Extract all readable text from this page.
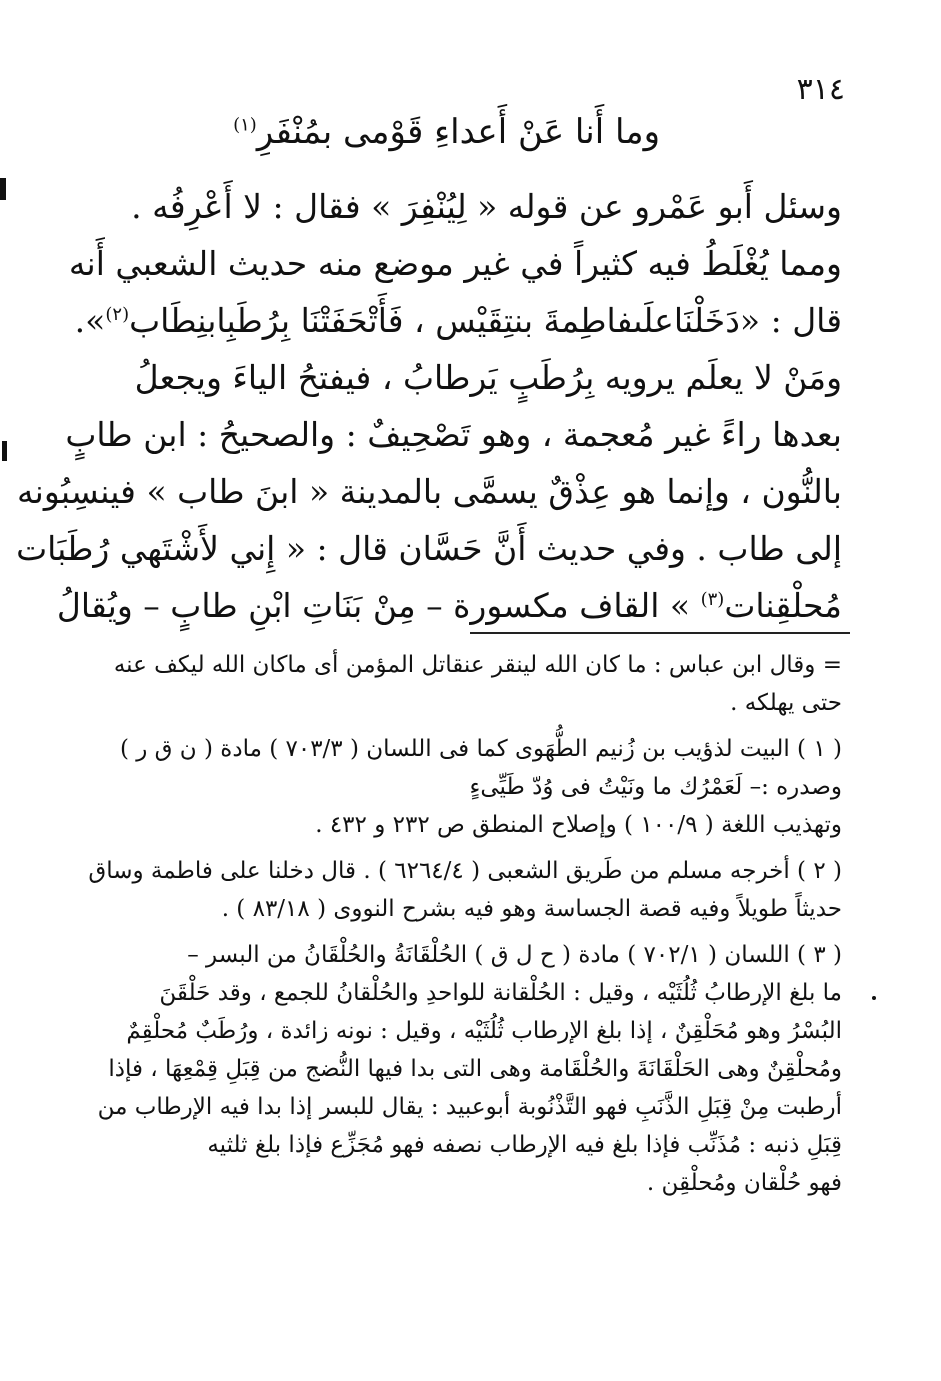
٣١٤
وما أَنا عَنْ أَعداءِ قَوْمى بمُنْفَرِ$^{(١)}$

وسئل أَبو عَمْرو عن قوله « لِيُنْفِرَ » فقال : لا أَعْرِفُه .

ومما يُغْلَطُ فيه كثيراً في غير موضع منه حديث الشعبي أَنه

قال : «دَخَلْنَاعلَىفاطِمةَ بنتِقَيْس ، فَأَتْحَفَتْنَا بِرُطَبِابنِطَاب$^{(٢)}$».

ومَنْ لا يعلَم يرويه بِرُطَبٍ يَرطابُ ، فيفتحُ الياءَ ويجعلُ

بعدها راءً غير مُعجمة ، وهو تَصْحِيفٌ : والصحيحُ : ابن طابٍ

بالنُّون ، وإنما هو عِذْقٌ يسمَّى بالمدينة « ابنَ طاب » فينسِبُونه

إلى طاب . وفي حديث أَنَّ حَسَّان قال : « إِني لأَشْتَهي رُطَبَات

مُحلْقِنات$^{(٣)}$ » القاف مكسورة – مِنْ بَنَاتِ ابْنِ طابٍ – ويُقالُ

= وقال ابن عباس : ما كان الله لينقر عنقاتل المؤمن أى ماكان الله ليكف عنه

حتى يهلكه .

( ١ ) البيت لذؤيب بن زُنيم الطُّهَوى كما فى اللسان ( ٧٠٣/٣ ) مادة ( ن ق ر )

وصدره :– لَعَمْرُك ما ونَيْتُ فى وُدّ طَيِّىءٍ

وتهذيب اللغة ( ١٠٠/٩ ) وإصلاح المنطق ص ٢٣٢ و ٤٣٢ .

( ٢ ) أخرجه مسلم من طَريق الشعبى ( ٦٢٦٤/٤ ) . قال دخلنا على فاطمة وساق

حديثاً طويلاً وفيه قصة الجساسة وهو فيه بشرح النووى ( ٨٣/١٨ ) .

( ٣ ) اللسان ( ٧٠٢/١ ) مادة ( ح ل ق ) الحُلْقَانَةُ والحُلْقَانُ من البسر –

ما بلغ الإرطابُ ثُلُثَيْه ، وقيل : الحُلْقانة للواحدِ والحُلْقانُ للجمع ، وقد حَلْقَنَ

البُسْرُ وهو مُحَلْقِنٌ ، إذا بلغ الإرطاب ثُلُثَيْه ، وقيل : نونه زائدة ، ورُطَبٌ مُحلْقِمٌ

ومُحلْقِنٌ وهى الحَلْقَانَةَ والحُلْقَامة وهى التى بدا فيها النُّضج من قِبَلِ قِمْعِهَا ، فإذا

أرطبت مِنْ قِبَلِ الذَّنَبِ فهو التَّذْنُوبة أبوعبيد : يقال للبسر إذا بدا فيه الإرطاب من

قِبَلِ ذنبه : مُذَنِّب فإذا بلغ فيه الإرطاب نصفه فهو مُجَزِّع فإذا بلغ ثلثيه

فهو حُلْقان ومُحلْقِن .
